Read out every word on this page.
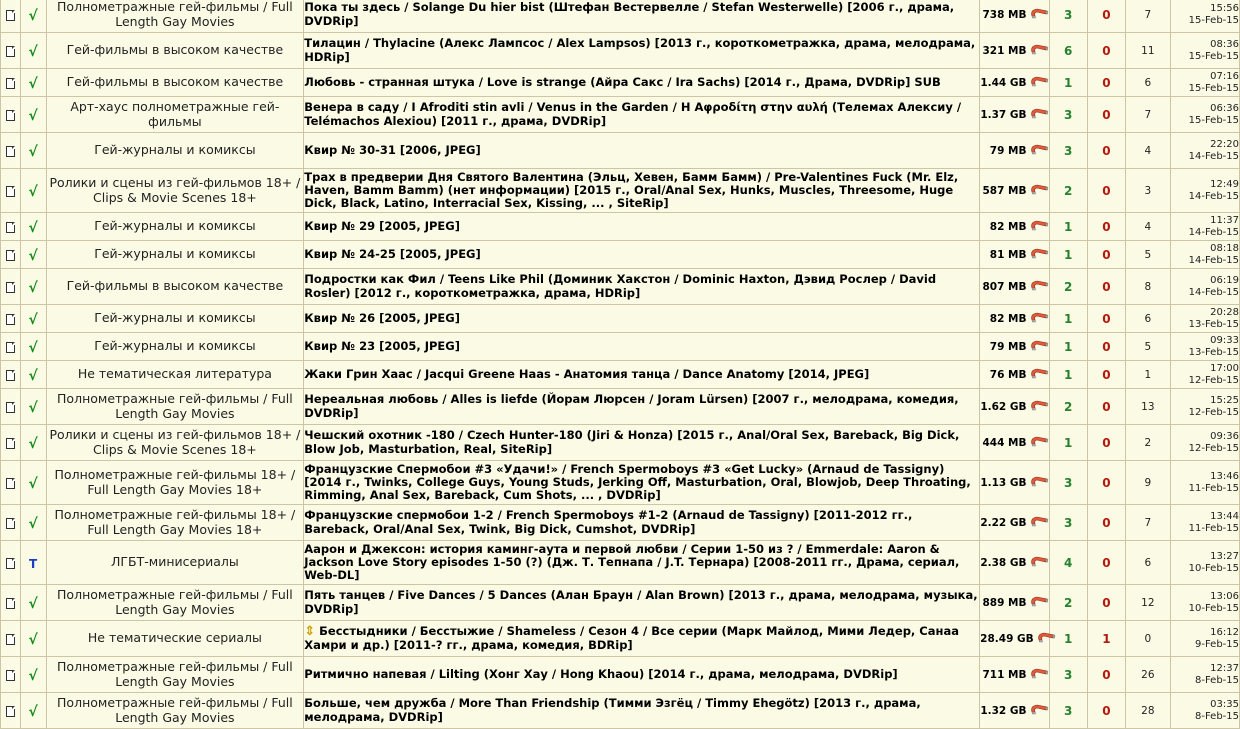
	√	Полнометражные гей-фильмы / Full Length Gay Movies	Пока ты здесь / Solange Du hier bist (Штефан Вестервелле / Stefan Westerwelle) [2006 г., драма, DVDRip]	738 MB	3	0	7	15:56
15-Feb-15

	√	Гей-фильмы в высоком качестве	Тилацин / Thylacine (Алекс Лампсос / Alex Lampsos) [2013 г., короткометражка, драма, мелодрама, HDRip]	321 MB	6	0	11	08:36
15-Feb-15

	√	Гей-фильмы в высоком качестве	Любовь - странная штука / Love is strange (Айра Сакс / Ira Sachs) [2014 г., Драма, DVDRip] SUB	1.44 GB	1	0	6	07:16
15-Feb-15

	√	Арт-хаус полнометражные гей-фильмы	Венера в саду / I Afroditi stin avli / Venus in the Garden / Η Αφροδίτη στην αυλή (Телемах Алексиу / Telémachos Alexiou) [2011 г., драма, DVDRip]	1.37 GB	3	0	7	06:36
15-Feb-15

	√	Гей-журналы и комиксы	Квир № 30-31 [2006, JPEG]	79 MB	3	0	4	22:20
14-Feb-15

	√	Ролики и сцены из гей-фильмов 18+ / Clips & Movie Scenes 18+	Трах в предверии Дня Святого Валентина (Эльц, Хевен, Бамм Бамм) / Pre-Valentines Fuck (Mr. Elz, Haven, Bamm Bamm) (нет информации) [2015 г., Oral/Anal Sex, Hunks, Muscles, Threesome, Huge Dick, Black, Latino, Interracial Sex, Kissing, ... , SiteRip]	587 MB	2	0	3	12:49
14-Feb-15

	√	Гей-журналы и комиксы	Квир № 29 [2005, JPEG]	82 MB	1	0	4	11:37
14-Feb-15

	√	Гей-журналы и комиксы	Квир № 24-25 [2005, JPEG]	81 MB	1	0	5	08:18
14-Feb-15

	√	Гей-фильмы в высоком качестве	Подростки как Фил / Teens Like Phil (Доминик Хакстон / Dominic Haxton, Дэвид Рослер / David Rosler) [2012 г., короткометражка, драма, HDRip]	807 MB	2	0	8	06:19
14-Feb-15

	√	Гей-журналы и комиксы	Квир № 26 [2005, JPEG]	82 MB	1	0	6	20:28
13-Feb-15

	√	Гей-журналы и комиксы	Квир № 23 [2005, JPEG]	79 MB	1	0	5	09:33
13-Feb-15

	√	Не тематическая литература	Жаки Грин Хаас / Jacqui Greene Haas - Анатомия танца / Dance Anatomy [2014, JPEG]	76 MB	1	0	1	17:00
12-Feb-15

	√	Полнометражные гей-фильмы / Full Length Gay Movies	Нереальная любовь / Alles is liefde (Йорам Люрсен / Joram Lürsen) [2007 г., мелодрама, комедия, DVDRip]	1.62 GB	2	0	13	15:25
12-Feb-15

	√	Ролики и сцены из гей-фильмов 18+ / Clips & Movie Scenes 18+	Чешский охотник -180 / Czech Hunter-180 (Jiri & Honza) [2015 г., Anal/Oral Sex, Bareback, Big Dick, Blow Job, Masturbation, Real, SiteRip]	444 MB	1	0	2	09:36
12-Feb-15

	√	Полнометражные гей-фильмы 18+ / Full Length Gay Movies 18+	Французские Спермобои #3 «Удачи!» / French Spermoboys #3 «Get Lucky» (Arnaud de Tassigny) [2014 г., Twinks, College Guys, Young Studs, Jerking Off, Masturbation, Oral, Blowjob, Deep Throating, Rimming, Anal Sex, Bareback, Cum Shots, ... , DVDRip]	1.13 GB	3	0	9	13:46
11-Feb-15

	√	Полнометражные гей-фильмы 18+ / Full Length Gay Movies 18+	Французские спермобои 1-2 / French Spermoboys #1-2 (Arnaud de Tassigny) [2011-2012 гг., Bareback, Oral/Anal Sex, Twink, Big Dick, Cumshot, DVDRip]	2.22 GB	3	0	7	13:44
11-Feb-15

	T	ЛГБТ-минисериалы	Аарон и Джексон: история каминг-аута и первой любви / Серии 1-50 из ? / Emmerdale: Aaron & Jackson Love Story episodes 1-50 (?) (Дж. Т. Тепнапа / J.T. Тернара) [2008-2011 гг., Драма, сериал, Web-DL]	2.38 GB	4	0	6	13:27
10-Feb-15

	√	Полнометражные гей-фильмы / Full Length Gay Movies	Пять танцев / Five Dances / 5 Dances (Алан Браун / Alan Brown) [2013 г., драма, мелодрама, музыка, DVDRip]	889 MB	2	0	12	13:06
10-Feb-15

	√	Не тематические сериалы	⇕ Бесстыдники / Бесстыжие / Shameless / Сезон 4 / Все серии (Марк Майлод, Мими Ледер, Санаа Хамри и др.) [2011-? гг., драма, комедия, BDRip]	28.49 GB	1	1	0	16:12
9-Feb-15

	√	Полнометражные гей-фильмы / Full Length Gay Movies	Ритмично напевая / Lilting (Хонг Хау / Hong Khaou) [2014 г., драма, мелодрама, DVDRip]	711 MB	3	0	26	12:37
8-Feb-15

	√	Полнометражные гей-фильмы / Full Length Gay Movies	Больше, чем дружба / More Than Friendship (Тимми Эзгёц / Timmy Ehegötz) [2013 г., драма, мелодрама, DVDRip]	1.32 GB	3	0	28	03:35
8-Feb-15
